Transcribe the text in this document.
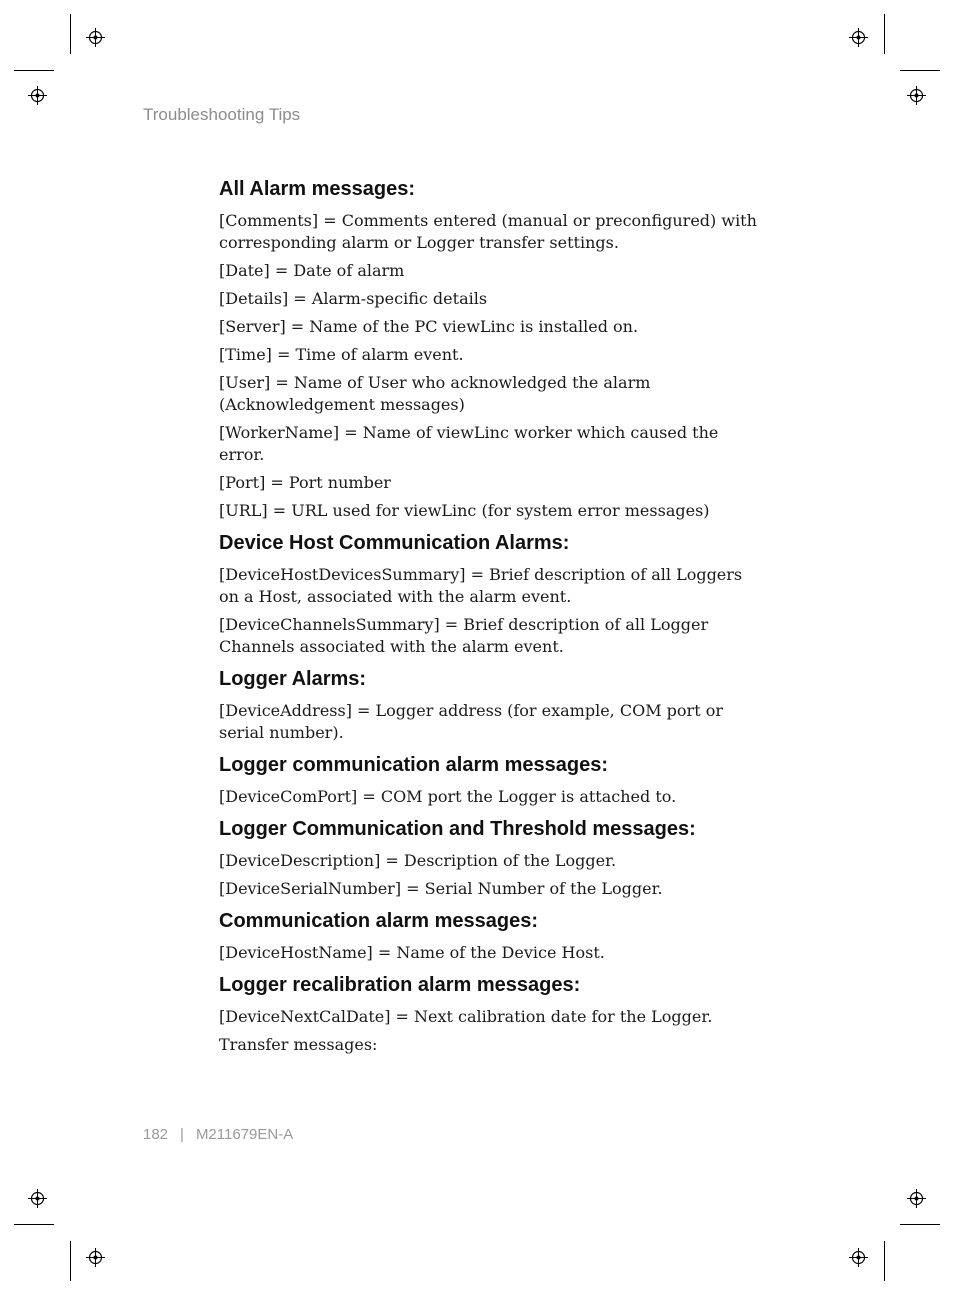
Troubleshooting Tips
All Alarm messages:
[Comments] = Comments entered (manual or preconfigured) with corresponding alarm or Logger transfer settings.
[Date] = Date of alarm
[Details] = Alarm-specific details
[Server] = Name of the PC viewLinc is installed on.
[Time] = Time of alarm event.
[User] = Name of User who acknowledged the alarm (Acknowledgement messages)
[WorkerName] = Name of viewLinc worker which caused the error.
[Port] = Port number
[URL] = URL used for viewLinc (for system error messages)
Device Host Communication Alarms:
[DeviceHostDevicesSummary] = Brief description of all Loggers on a Host, associated with the alarm event.
[DeviceChannelsSummary] = Brief description of all Logger Channels associated with the alarm event.
Logger Alarms:
[DeviceAddress] = Logger address (for example, COM port or serial number).
Logger communication alarm messages:
[DeviceComPort] = COM port the Logger is attached to.
Logger Communication and Threshold messages:
[DeviceDescription] = Description of the Logger.
[DeviceSerialNumber] = Serial Number of the Logger.
Communication alarm messages:
[DeviceHostName] = Name of the Device Host.
Logger recalibration alarm messages:
[DeviceNextCalDate] = Next calibration date for the Logger.
Transfer messages:
182 | M211679EN-A
